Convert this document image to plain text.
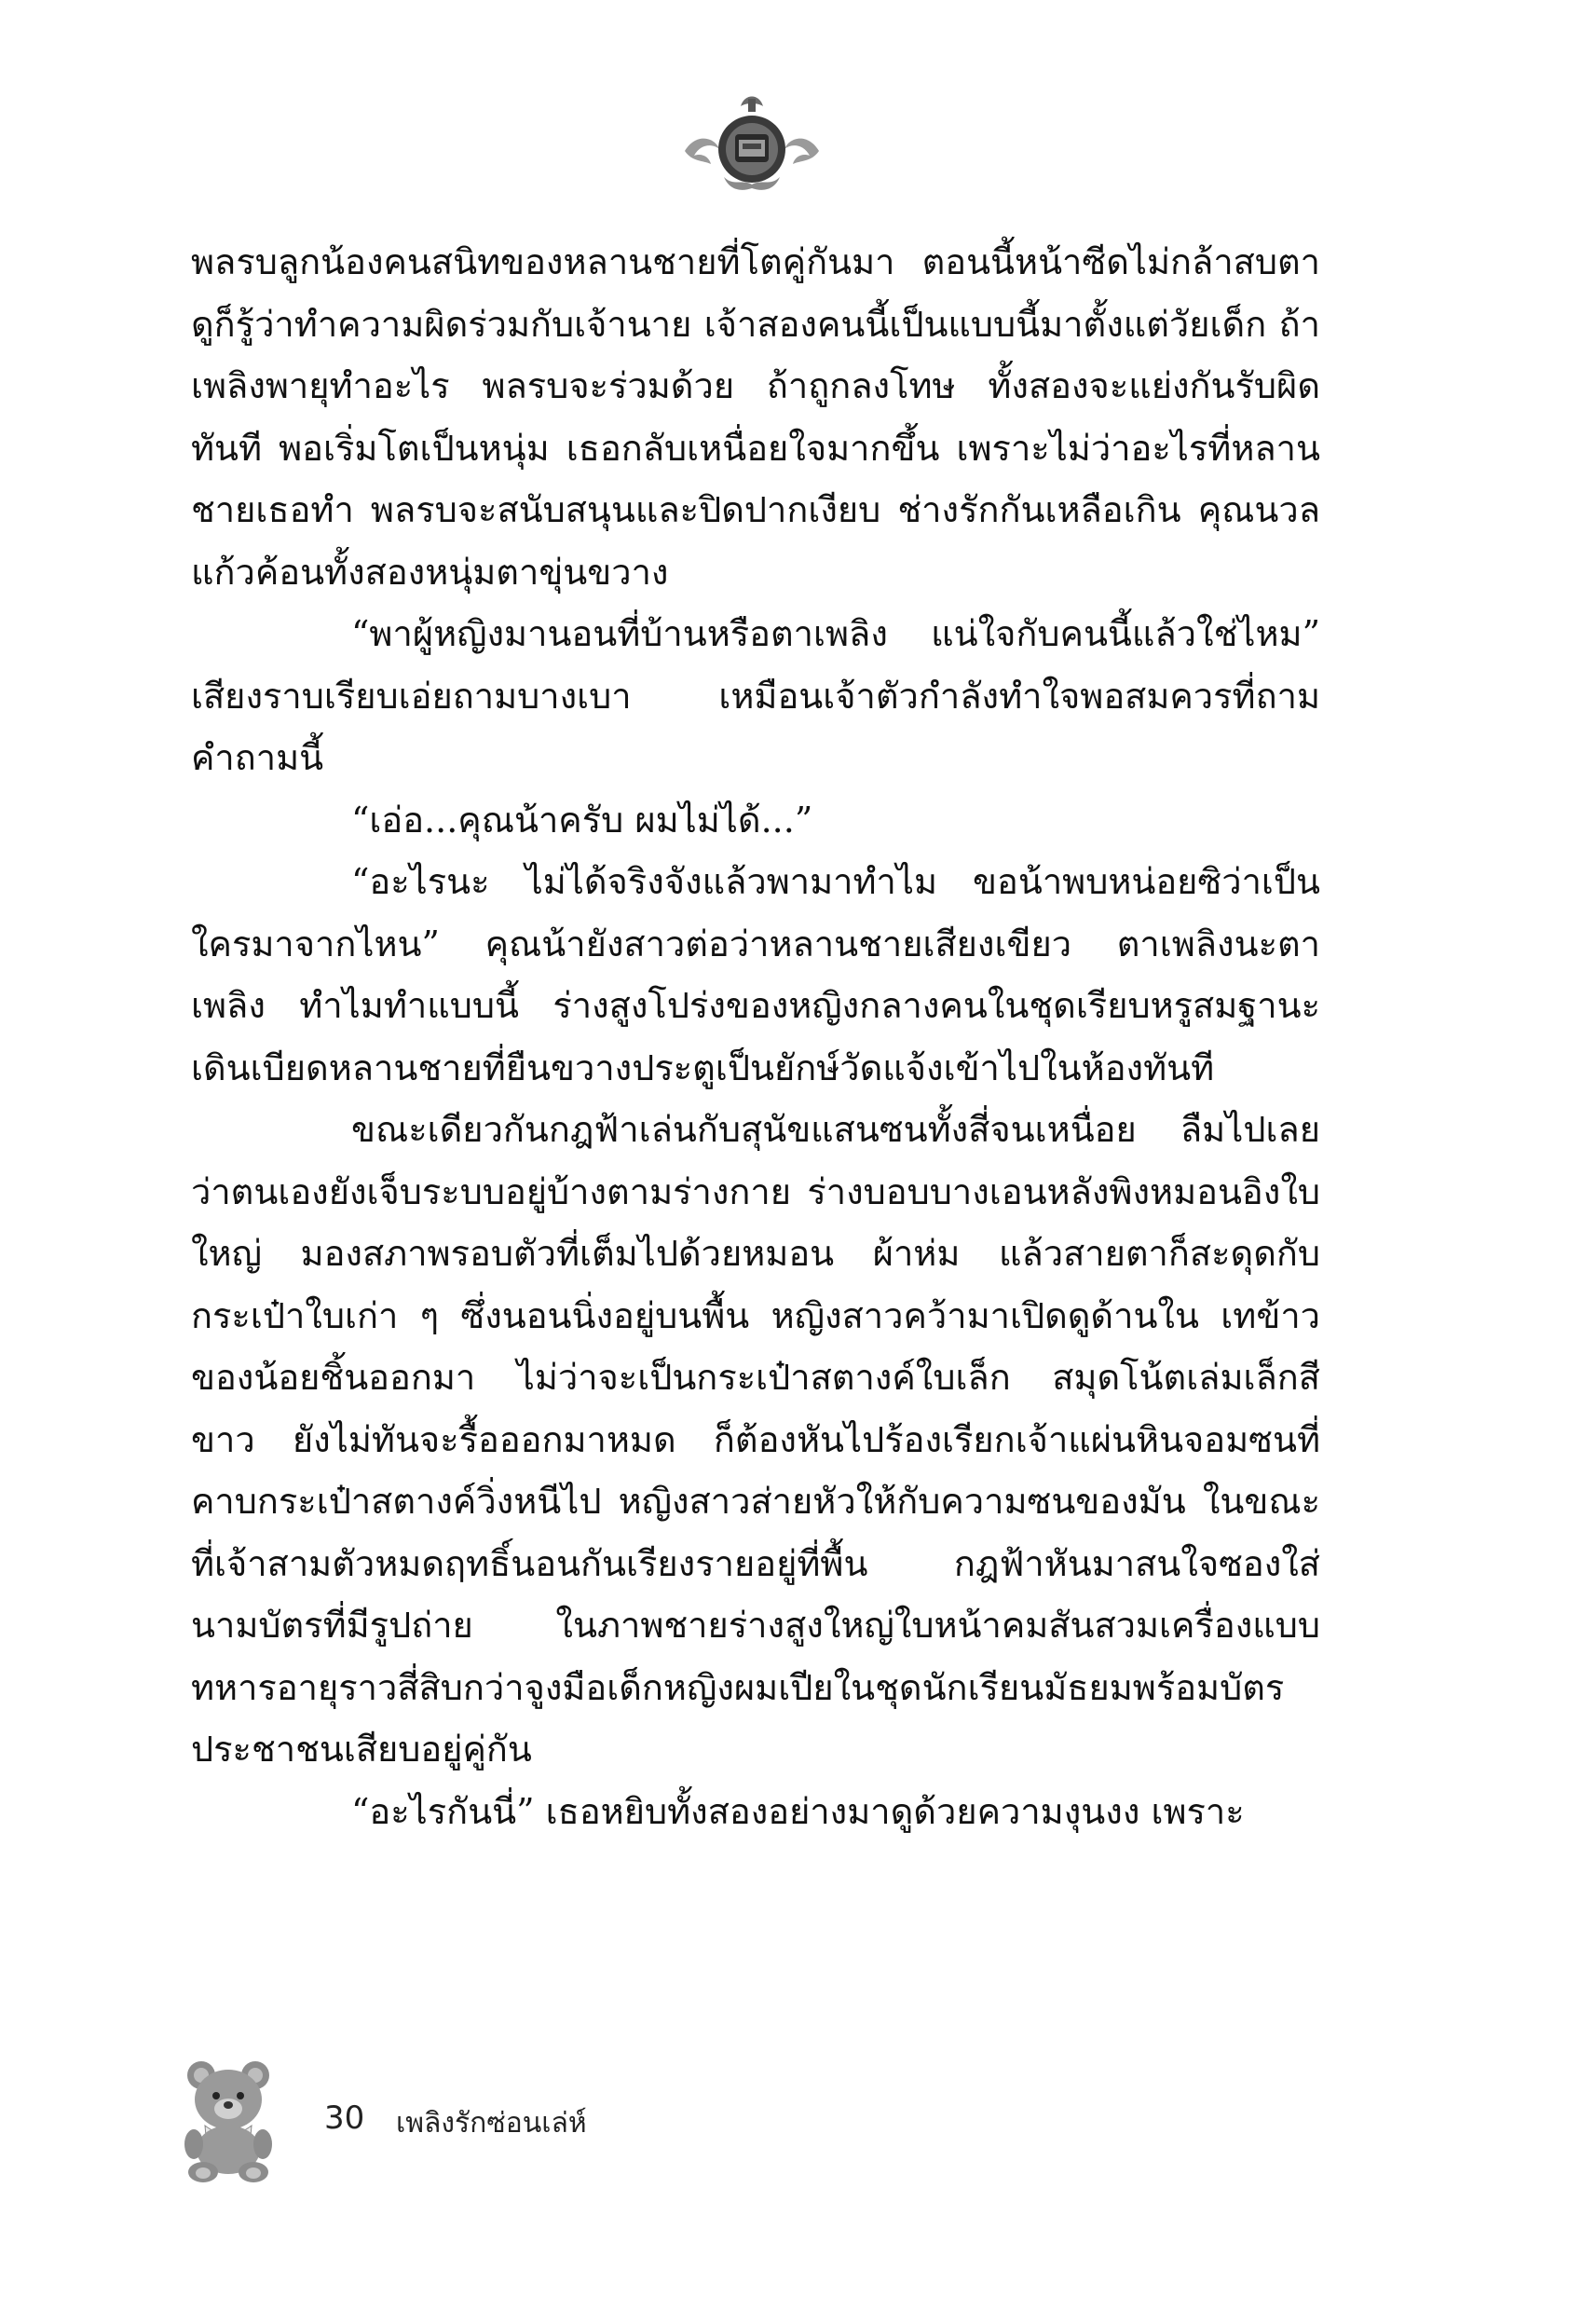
พลรบลูกน้องคนสนิทของหลานชายที่โตคู่กันมา ตอนนี้หน้าซีดไม่กล้าสบตา ดูก็รู้ว่าทำความผิดร่วมกับเจ้านาย เจ้าสองคนนี้เป็นแบบนี้มาตั้งแต่วัยเด็ก ถ้าเพลิงพายุทำอะไร พลรบจะร่วมด้วย ถ้าถูกลงโทษ ทั้งสองจะแย่งกันรับผิดทันที พอเริ่มโตเป็นหนุ่ม เธอกลับเหนื่อยใจมากขึ้น เพราะไม่ว่าอะไรที่หลานชายเธอทำ พลรบจะสนับสนุนและปิดปากเงียบ ช่างรักกันเหลือเกิน คุณนวลแก้วค้อนทั้งสองหนุ่มตาขุ่นขวาง

“พาผู้หญิงมานอนที่บ้านหรือตาเพลิง แน่ใจกับคนนี้แล้วใช่ไหม” เสียงราบเรียบเอ่ยถามบางเบา เหมือนเจ้าตัวกำลังทำใจพอสมควรที่ถามคำถามนี้

“เอ่อ...คุณน้าครับ ผมไม่ได้...”

“อะไรนะ ไม่ได้จริงจังแล้วพามาทำไม ขอน้าพบหน่อยซิว่าเป็นใครมาจากไหน” คุณน้ายังสาวต่อว่าหลานชายเสียงเขียว ตาเพลิงนะตาเพลิง ทำไมทำแบบนี้ ร่างสูงโปร่งของหญิงกลางคนในชุดเรียบหรูสมฐานะเดินเบียดหลานชายที่ยืนขวางประตูเป็นยักษ์วัดแจ้งเข้าไปในห้องทันที

ขณะเดียวกันกฎฟ้าเล่นกับสุนัขแสนซนทั้งสี่จนเหนื่อย ลืมไปเลยว่าตนเองยังเจ็บระบบอยู่บ้างตามร่างกาย ร่างบอบบางเอนหลังพิงหมอนอิงใบใหญ่ มองสภาพรอบตัวที่เต็มไปด้วยหมอน ผ้าห่ม แล้วสายตาก็สะดุดกับกระเป๋าใบเก่า ๆ ซึ่งนอนนิ่งอยู่บนพื้น หญิงสาวคว้ามาเปิดดูด้านใน เทข้าวของน้อยชิ้นออกมา ไม่ว่าจะเป็นกระเป๋าสตางค์ใบเล็ก สมุดโน้ตเล่มเล็กสีขาว ยังไม่ทันจะรื้อออกมาหมด ก็ต้องหันไปร้องเรียกเจ้าแผ่นหินจอมซนที่คาบกระเป๋าสตางค์วิ่งหนีไป หญิงสาวส่ายหัวให้กับความซนของมัน ในขณะที่เจ้าสามตัวหมดฤทธิ์นอนกันเรียงรายอยู่ที่พื้น กฎฟ้าหันมาสนใจซองใส่นามบัตรที่มีรูปถ่าย ในภาพชายร่างสูงใหญ่ใบหน้าคมสันสวมเครื่องแบบทหารอายุราวสี่สิบกว่าจูงมือเด็กหญิงผมเปียในชุดนักเรียนมัธยมพร้อมบัตรประชาชนเสียบอยู่คู่กัน

“อะไรกันนี่” เธอหยิบทั้งสองอย่างมาดูด้วยความงุนงง เพราะ

30 เพลิงรักซ่อนเล่ห์
